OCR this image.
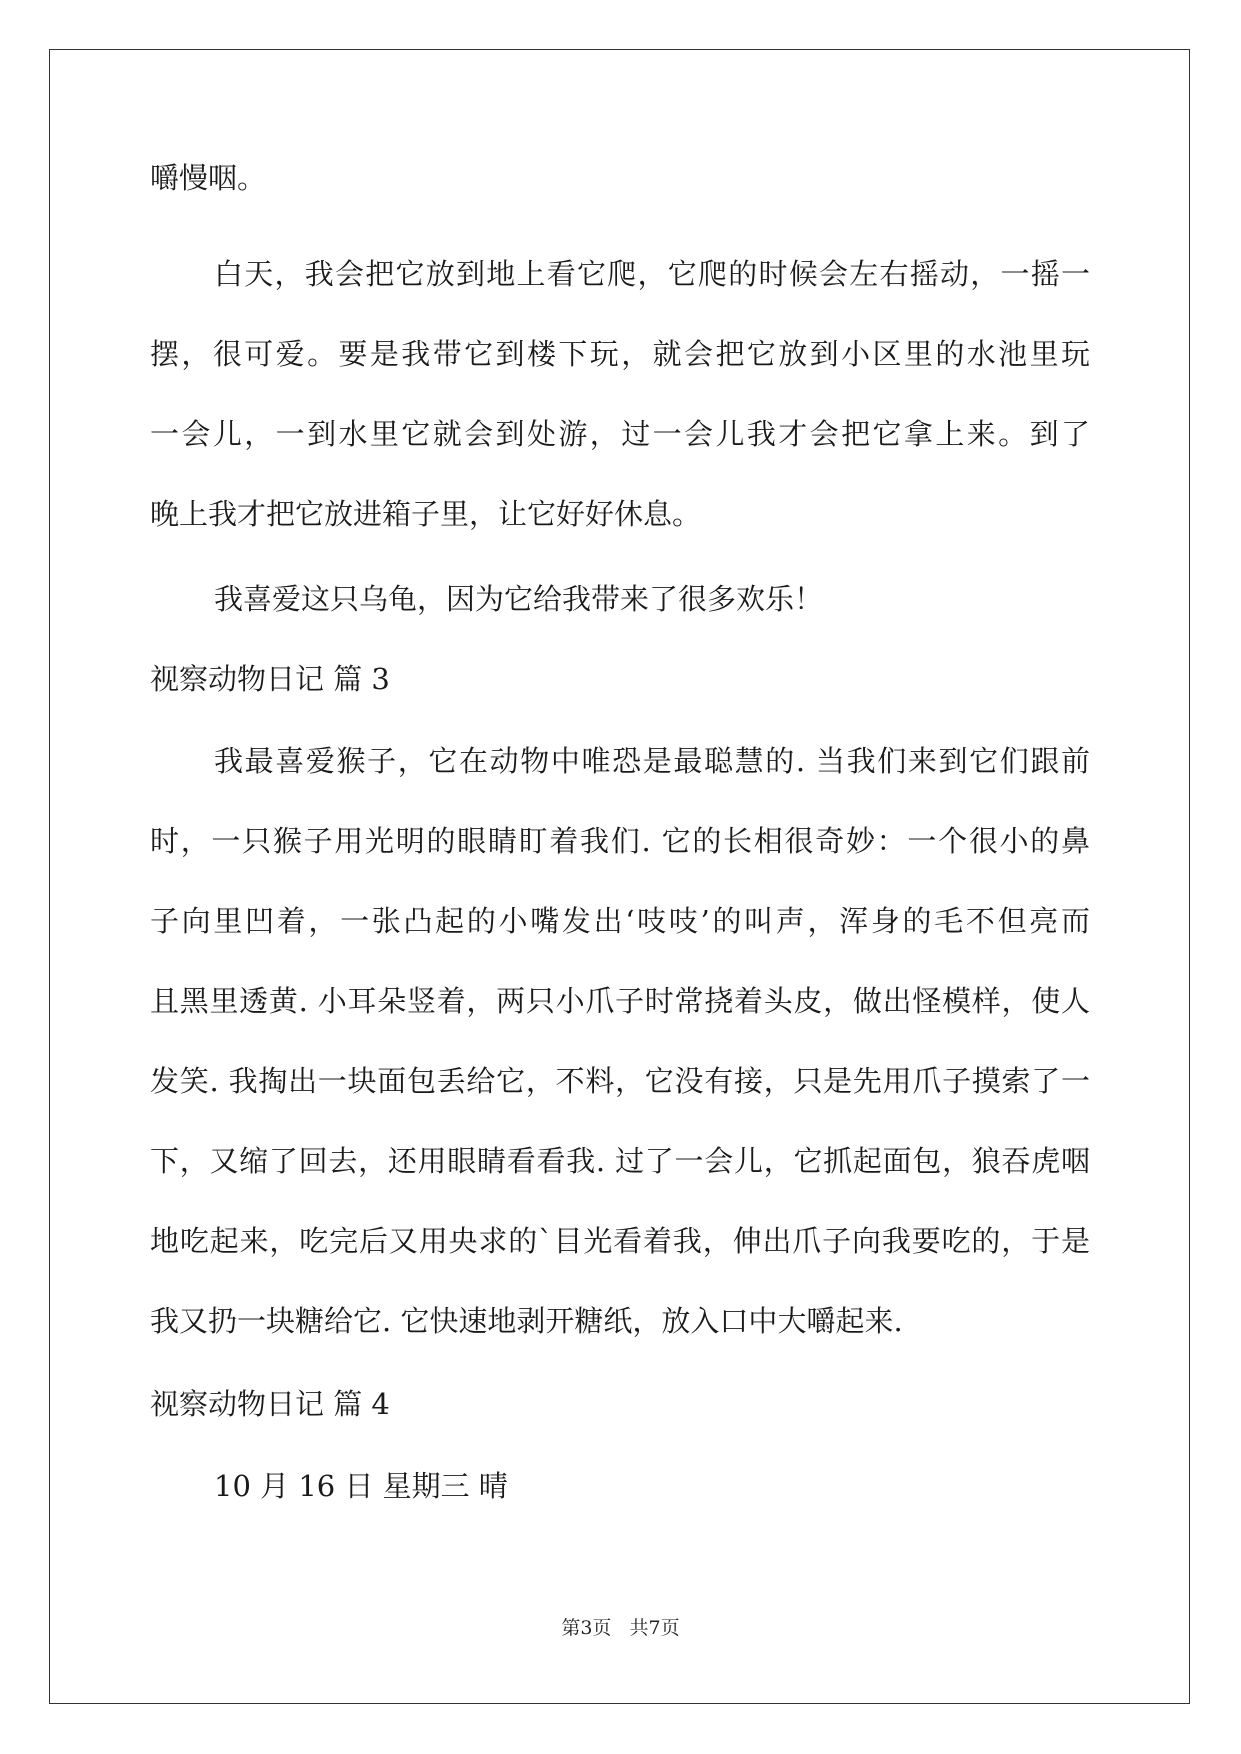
嚼慢咽。
白天，我会把它放到地上看它爬，它爬的时候会左右摇动，一摇一
摆，很可爱。要是我带它到楼下玩，就会把它放到小区里的水池里玩
一会儿，一到水里它就会到处游，过一会儿我才会把它拿上来。到了
晚上我才把它放进箱子里，让它好好休息。
我喜爱这只乌龟，因为它给我带来了很多欢乐！
视察动物日记 篇 3
我最喜爱猴子，它在动物中唯恐是最聪慧的. 当我们来到它们跟前
时，一只猴子用光明的眼睛盯着我们. 它的长相很奇妙：一个很小的鼻
子向里凹着，一张凸起的小嘴发出‘吱吱’的叫声，浑身的毛不但亮而
且黑里透黄. 小耳朵竖着，两只小爪子时常挠着头皮，做出怪模样，使人
发笑. 我掏出一块面包丢给它，不料，它没有接，只是先用爪子摸索了一
下，又缩了回去，还用眼睛看看我. 过了一会儿，它抓起面包，狼吞虎咽
地吃起来，吃完后又用央求的`目光看着我，伸出爪子向我要吃的，于是
我又扔一块糖给它. 它快速地剥开糖纸，放入口中大嚼起来.
视察动物日记 篇 4
10 月 16 日 星期三 晴
第3页   共7页
